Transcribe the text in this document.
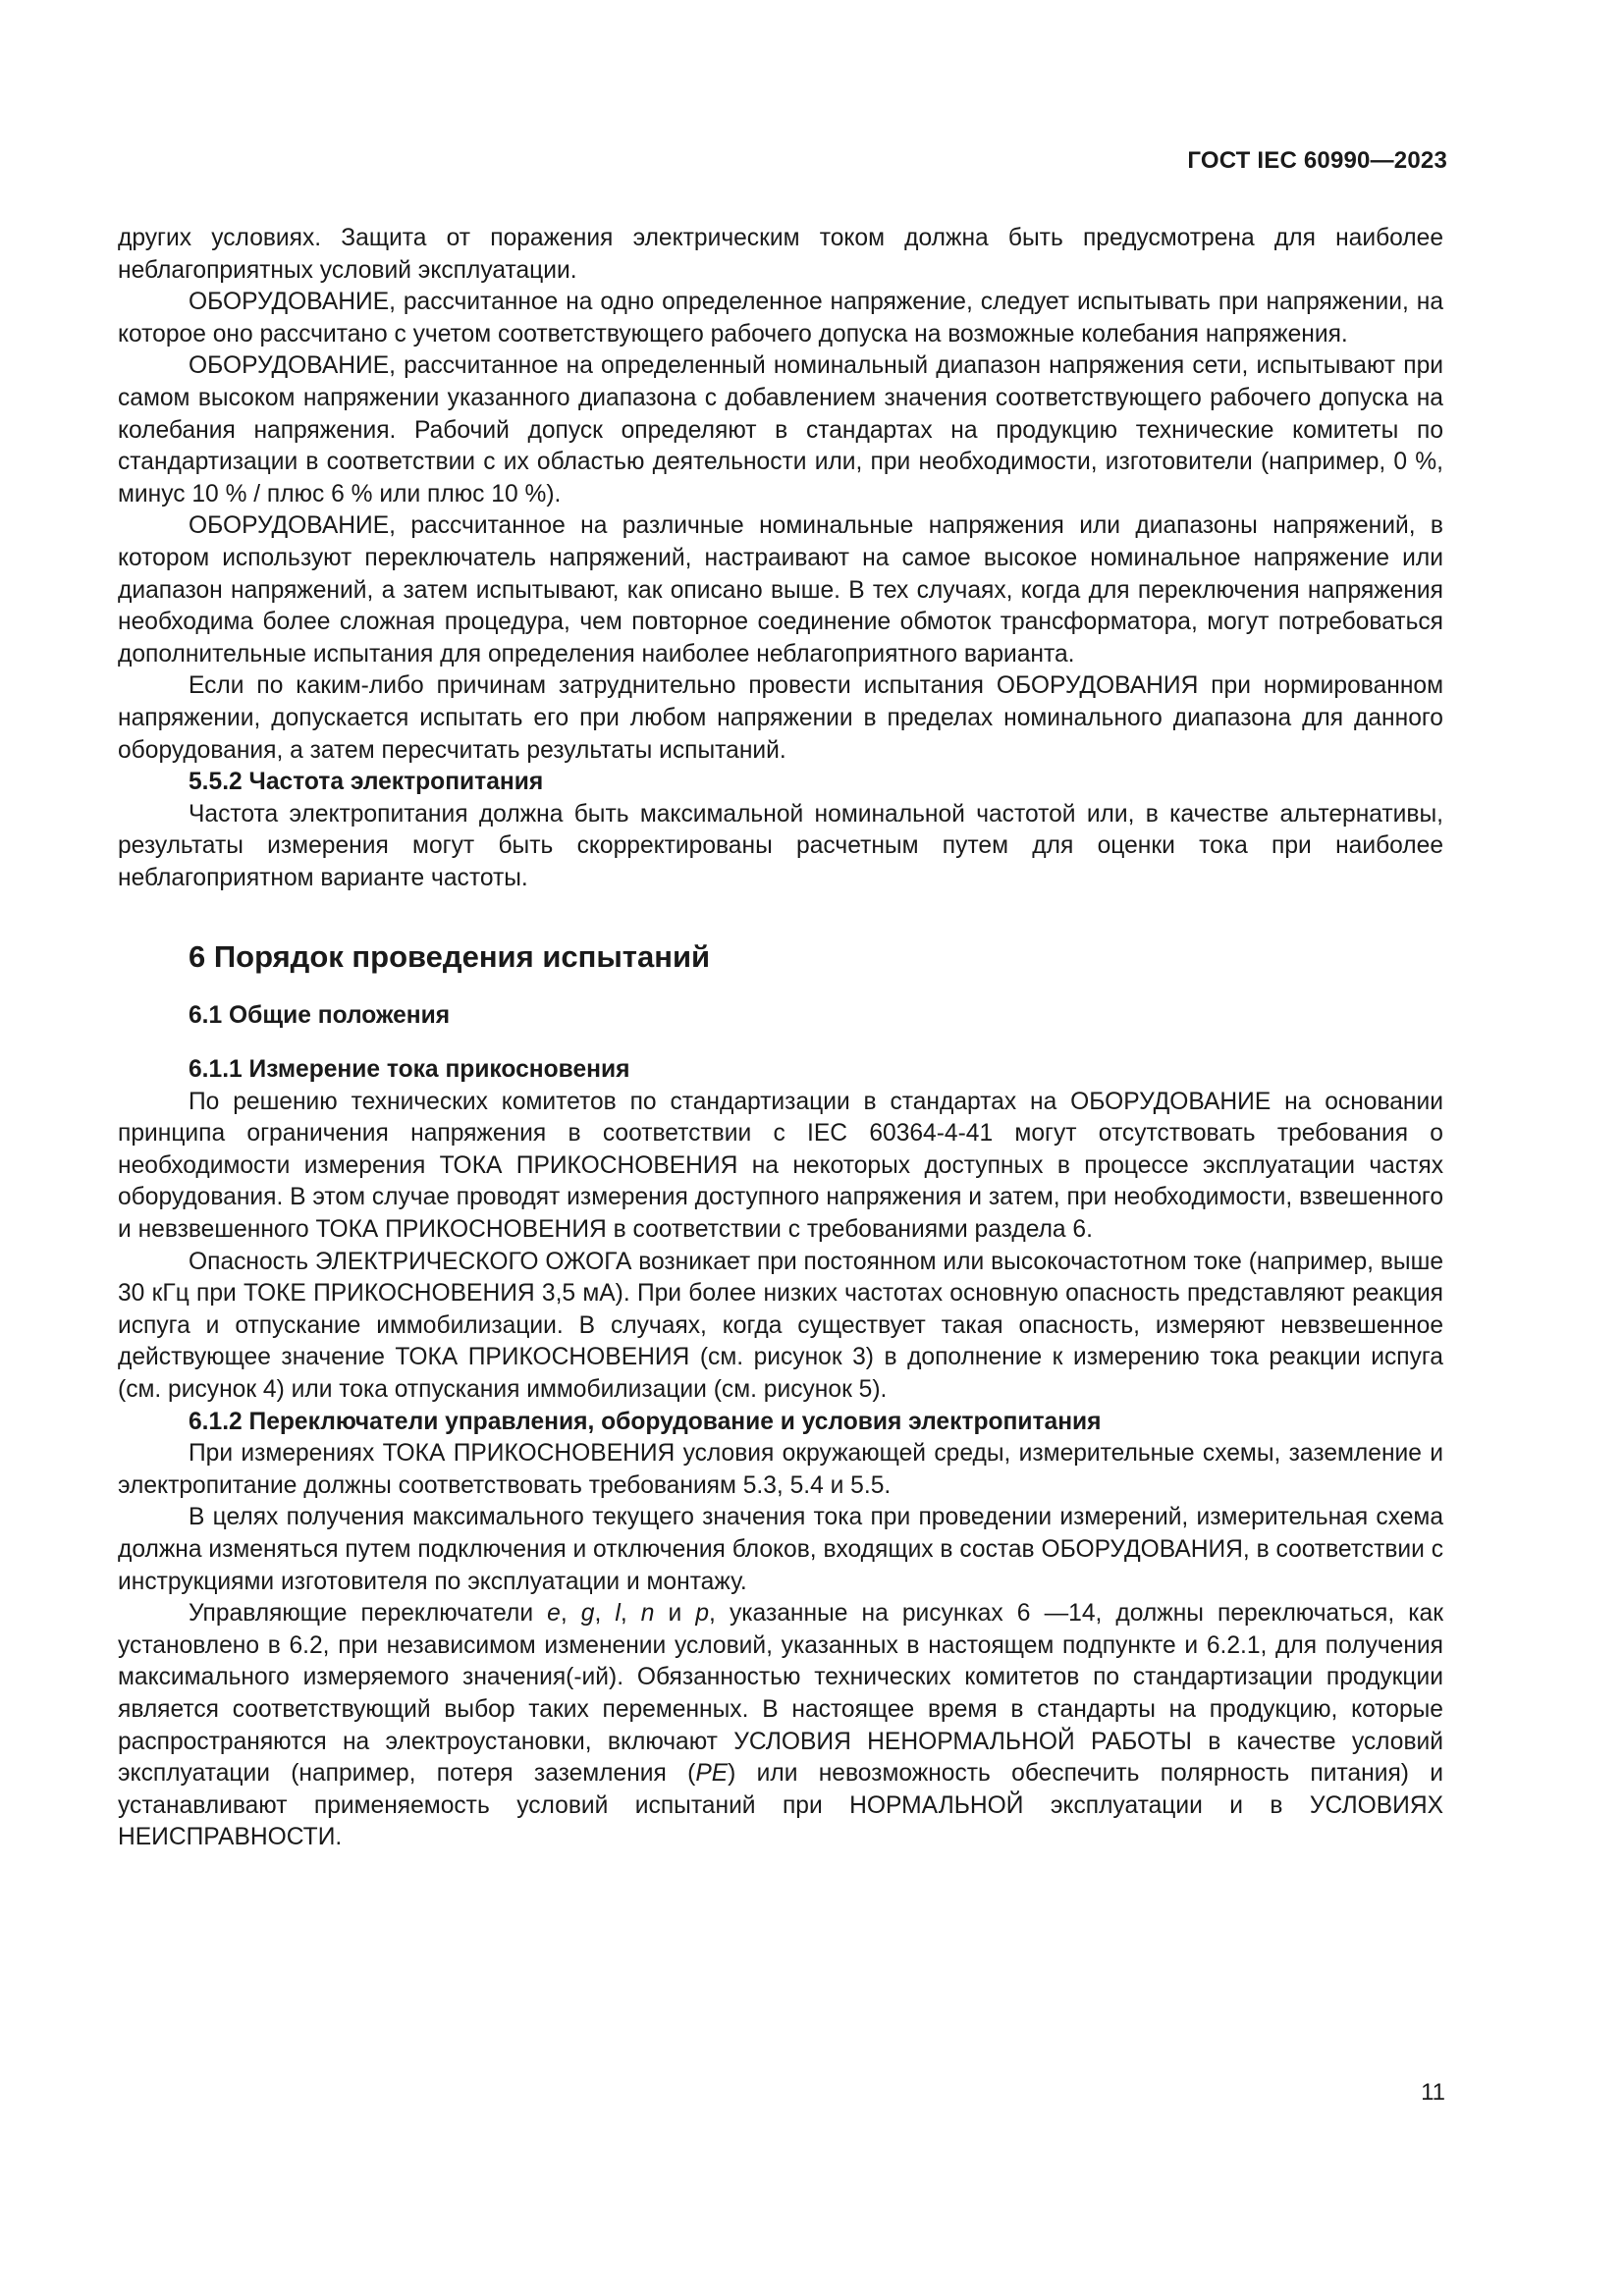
ГОСТ IEC 60990—2023

других условиях. Защита от поражения электрическим током должна быть предусмотрена для наиболее неблагоприятных условий эксплуатации.

ОБОРУДОВАНИЕ, рассчитанное на одно определенное напряжение, следует испытывать при напряжении, на которое оно рассчитано с учетом соответствующего рабочего допуска на возможные колебания напряжения.

ОБОРУДОВАНИЕ, рассчитанное на определенный номинальный диапазон напряжения сети, испытывают при самом высоком напряжении указанного диапазона с добавлением значения соответствующего рабочего допуска на колебания напряжения. Рабочий допуск определяют в стандартах на продукцию технические комитеты по стандартизации в соответствии с их областью деятельности или, при необходимости, изготовители (например, 0 %, минус 10 % / плюс 6 % или плюс 10 %).

ОБОРУДОВАНИЕ, рассчитанное на различные номинальные напряжения или диапазоны напряжений, в котором используют переключатель напряжений, настраивают на самое высокое номинальное напряжение или диапазон напряжений, а затем испытывают, как описано выше. В тех случаях, когда для переключения напряжения необходима более сложная процедура, чем повторное соединение обмоток трансформатора, могут потребоваться дополнительные испытания для определения наиболее неблагоприятного варианта.

Если по каким-либо причинам затруднительно провести испытания ОБОРУДОВАНИЯ при нормированном напряжении, допускается испытать его при любом напряжении в пределах номинального диапазона для данного оборудования, а затем пересчитать результаты испытаний.

5.5.2 Частота электропитания

Частота электропитания должна быть максимальной номинальной частотой или, в качестве альтернативы, результаты измерения могут быть скорректированы расчетным путем для оценки тока при наиболее неблагоприятном варианте частоты.

6 Порядок проведения испытаний

6.1 Общие положения

6.1.1 Измерение тока прикосновения

По решению технических комитетов по стандартизации в стандартах на ОБОРУДОВАНИЕ на основании принципа ограничения напряжения в соответствии с IEC 60364-4-41 могут отсутствовать требования о необходимости измерения ТОКА ПРИКОСНОВЕНИЯ на некоторых доступных в процессе эксплуатации частях оборудования. В этом случае проводят измерения доступного напряжения и затем, при необходимости, взвешенного и невзвешенного ТОКА ПРИКОСНОВЕНИЯ в соответствии с требованиями раздела 6.

Опасность ЭЛЕКТРИЧЕСКОГО ОЖОГА возникает при постоянном или высокочастотном токе (например, выше 30 кГц при ТОКЕ ПРИКОСНОВЕНИЯ 3,5 мА). При более низких частотах основную опасность представляют реакция испуга и отпускание иммобилизации. В случаях, когда существует такая опасность, измеряют невзвешенное действующее значение ТОКА ПРИКОСНОВЕНИЯ (см. рисунок 3) в дополнение к измерению тока реакции испуга (см. рисунок 4) или тока отпускания иммобилизации (см. рисунок 5).

6.1.2 Переключатели управления, оборудование и условия электропитания

При измерениях ТОКА ПРИКОСНОВЕНИЯ условия окружающей среды, измерительные схемы, заземление и электропитание должны соответствовать требованиям 5.3, 5.4 и 5.5.

В целях получения максимального текущего значения тока при проведении измерений, измерительная схема должна изменяться путем подключения и отключения блоков, входящих в состав ОБОРУДОВАНИЯ, в соответствии с инструкциями изготовителя по эксплуатации и монтажу.

Управляющие переключатели e, g, l, n и p, указанные на рисунках 6 —14, должны переключаться, как установлено в 6.2, при независимом изменении условий, указанных в настоящем подпункте и 6.2.1, для получения максимального измеряемого значения(-ий). Обязанностью технических комитетов по стандартизации продукции является соответствующий выбор таких переменных. В настоящее время в стандарты на продукцию, которые распространяются на электроустановки, включают УСЛОВИЯ НЕНОРМАЛЬНОЙ РАБОТЫ в качестве условий эксплуатации (например, потеря заземления (PE) или невозможность обеспечить полярность питания) и устанавливают применяемость условий испытаний при НОРМАЛЬНОЙ эксплуатации и в УСЛОВИЯХ НЕИСПРАВНОСТИ.

11
